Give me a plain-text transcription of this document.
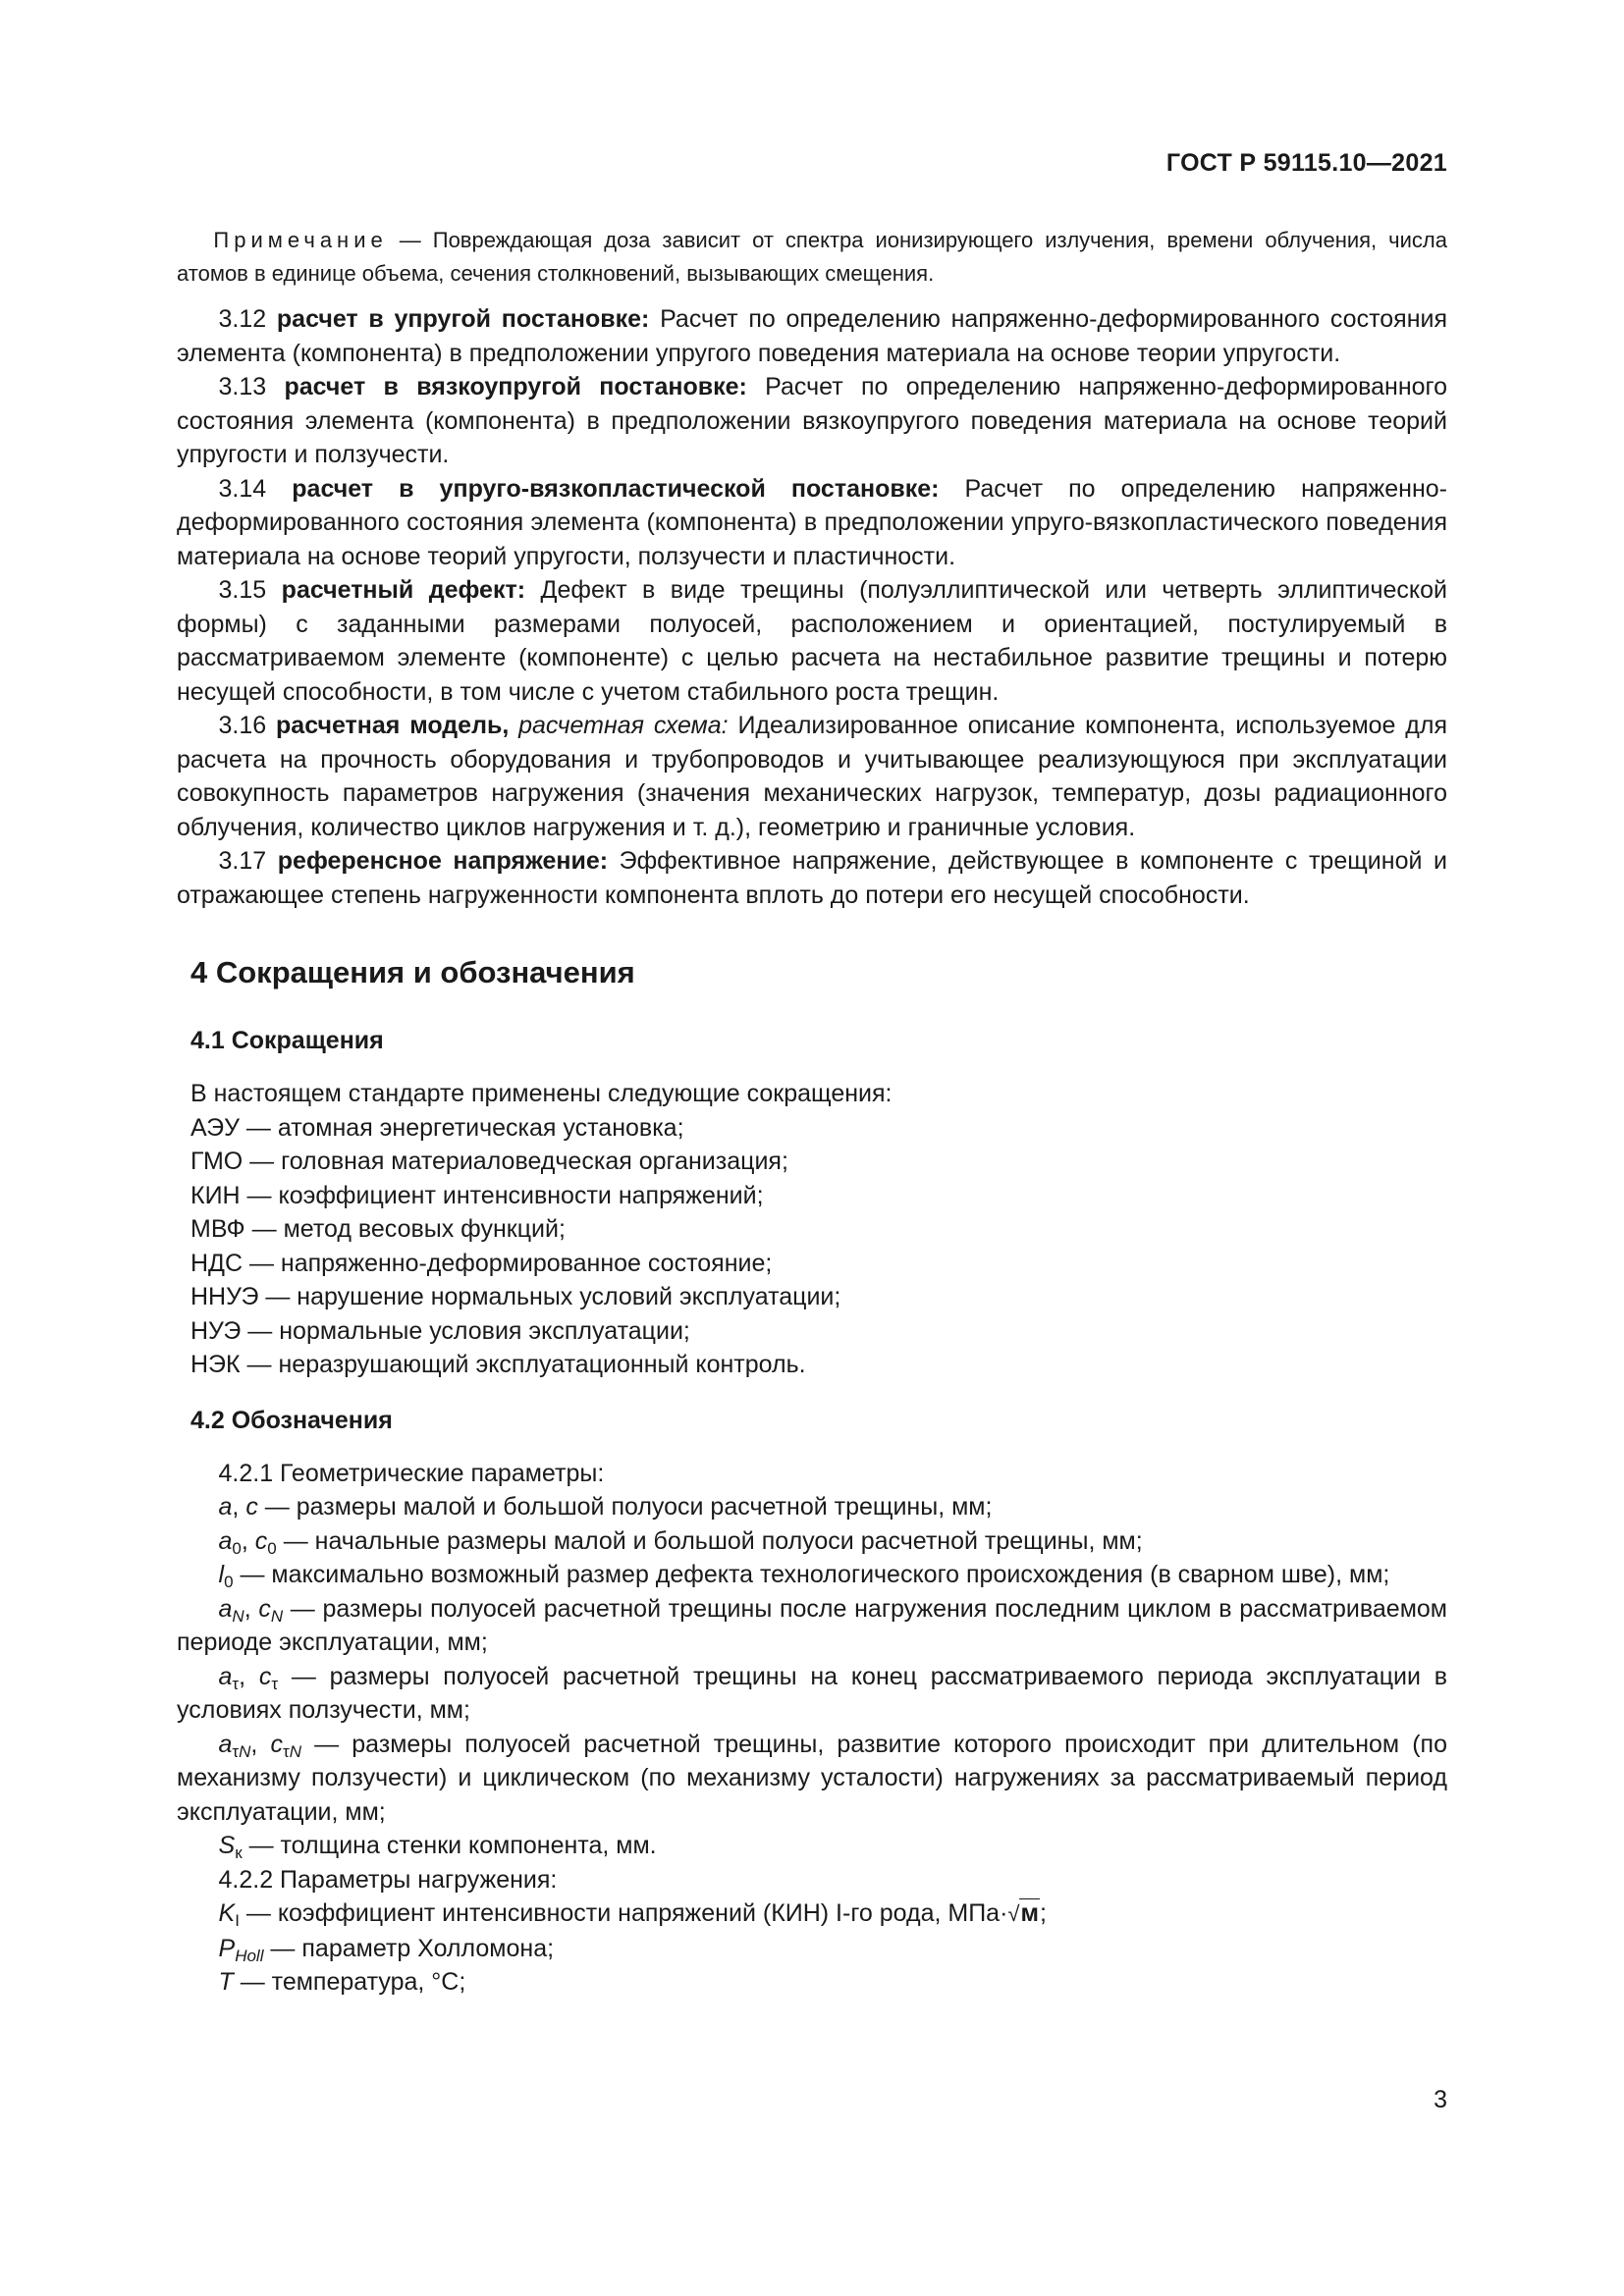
ГОСТ Р 59115.10—2021

Примечание — Повреждающая доза зависит от спектра ионизирующего излучения, времени облучения, числа атомов в единице объема, сечения столкновений, вызывающих смещения.

3.12 расчет в упругой постановке: Расчет по определению напряженно-деформированного состояния элемента (компонента) в предположении упругого поведения материала на основе теории упругости.

3.13 расчет в вязкоупругой постановке: Расчет по определению напряженно-деформированного состояния элемента (компонента) в предположении вязкоупругого поведения материала на основе теорий упругости и ползучести.

3.14 расчет в упруго-вязкопластической постановке: Расчет по определению напряженно-деформированного состояния элемента (компонента) в предположении упруго-вязкопластического поведения материала на основе теорий упругости, ползучести и пластичности.

3.15 расчетный дефект: Дефект в виде трещины (полуэллиптической или четверть эллиптической формы) с заданными размерами полуосей, расположением и ориентацией, постулируемый в рассматриваемом элементе (компоненте) с целью расчета на нестабильное развитие трещины и потерю несущей способности, в том числе с учетом стабильного роста трещин.

3.16 расчетная модель, расчетная схема: Идеализированное описание компонента, используемое для расчета на прочность оборудования и трубопроводов и учитывающее реализующуюся при эксплуатации совокупность параметров нагружения (значения механических нагрузок, температур, дозы радиационного облучения, количество циклов нагружения и т. д.), геометрию и граничные условия.

3.17 референсное напряжение: Эффективное напряжение, действующее в компоненте с трещиной и отражающее степень нагруженности компонента вплоть до потери его несущей способности.

4 Сокращения и обозначения
4.1 Сокращения
В настоящем стандарте применены следующие сокращения:
АЭУ — атомная энергетическая установка;
ГМО — головная материаловедческая организация;
КИН — коэффициент интенсивности напряжений;
МВФ — метод весовых функций;
НДС — напряженно-деформированное состояние;
ННУЭ — нарушение нормальных условий эксплуатации;
НУЭ — нормальные условия эксплуатации;
НЭК — неразрушающий эксплуатационный контроль.
4.2 Обозначения

4.2.1 Геометрические параметры:

a, c — размеры малой и большой полуоси расчетной трещины, мм;

$a_0$, $c_0$ — начальные размеры малой и большой полуоси расчетной трещины, мм;

$l_0$ — максимально возможный размер дефекта технологического происхождения (в сварном шве), мм;

$a_N$, $c_N$ — размеры полуосей расчетной трещины после нагружения последним циклом в рассматриваемом периоде эксплуатации, мм;

$a_\tau$, $c_\tau$ — размеры полуосей расчетной трещины на конец рассматриваемого периода эксплуатации в условиях ползучести, мм;

$a_{\tau N}$, $c_{\tau N}$ — размеры полуосей расчетной трещины, развитие которого происходит при длительном (по механизму ползучести) и циклическом (по механизму усталости) нагружениях за рассматриваемый период эксплуатации, мм;

$S_к$ — толщина стенки компонента, мм.

4.2.2 Параметры нагружения:

$K_I$ — коэффициент интенсивности напряжений (КИН) I-го рода, МПа·√м;

$P_{Holl}$ — параметр Холломона;

T — температура, °C;

3
